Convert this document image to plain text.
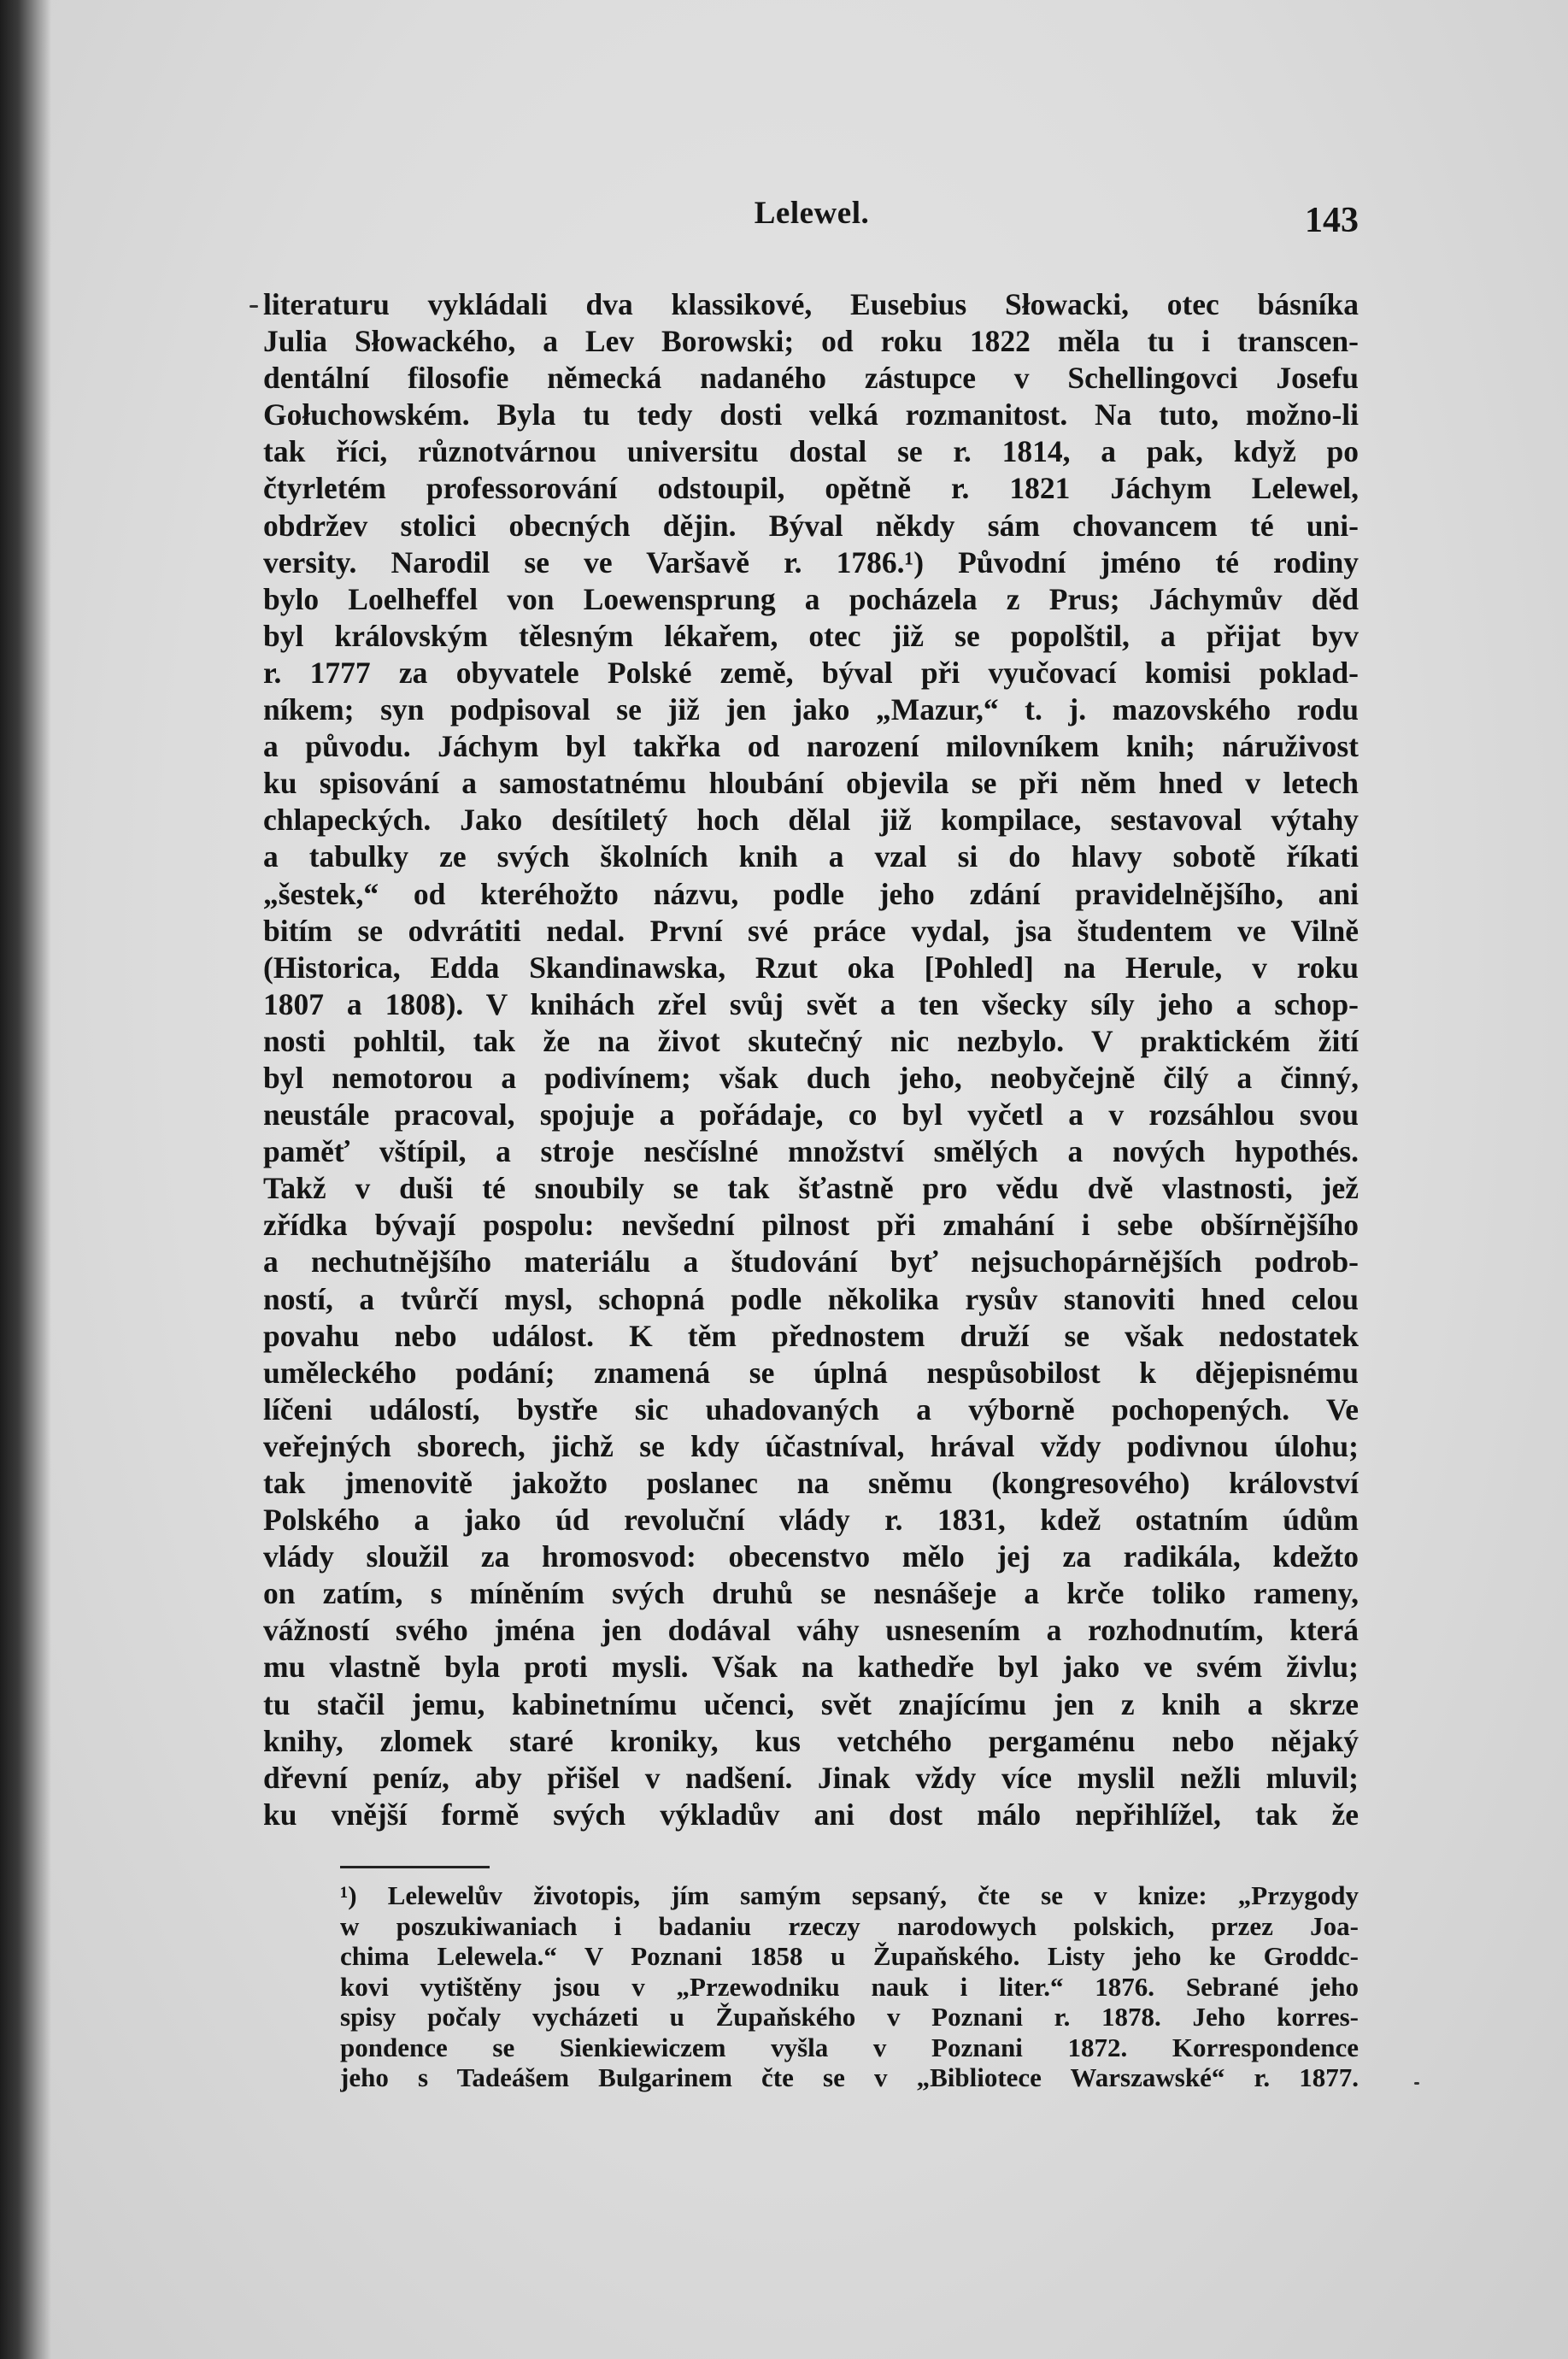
Lelewel.	143
literaturu vykládali dva klassikové, Eusebius Słowacki, otec básníka
Julia Słowackého, a Lev Borowski; od roku 1822 měla tu i transcen-
dentální filosofie německá nadaného zástupce v Schellingovci Josefu
Gołuchowském. Byla tu tedy dosti velká rozmanitost. Na tuto, možno-li
tak říci, různotvárnou universitu dostal se r. 1814, a pak, když po
čtyrletém professorování odstoupil, opětně r. 1821 Jáchym Lelewel,
obdržev stolici obecných dějin. Býval někdy sám chovancem té uni-
versity. Narodil se ve Varšavě r. 1786.¹) Původní jméno té rodiny
bylo Loelheffel von Loewensprung a pocházela z Prus; Jáchymův děd
byl královským tělesným lékařem, otec již se popolštil, a přijat byv
r. 1777 za obyvatele Polské země, býval při vyučovací komisi poklad-
níkem; syn podpisoval se již jen jako „Mazur,“ t. j. mazovského rodu
a původu. Jáchym byl takřka od narození milovníkem knih; náruživost
ku spisování a samostatnému hloubání objevila se při něm hned v letech
chlapeckých. Jako desítiletý hoch dělal již kompilace, sestavoval výtahy
a tabulky ze svých školních knih a vzal si do hlavy sobotě říkati
„šestek,“ od kteréhožto názvu, podle jeho zdání pravidelnějšího, ani
bitím se odvrátiti nedal. První své práce vydal, jsa študentem ve Vilně
(Historica, Edda Skandinawska, Rzut oka [Pohled] na Herule, v roku
1807 a 1808). V knihách zřel svůj svět a ten všecky síly jeho a schop-
nosti pohltil, tak že na život skutečný nic nezbylo. V praktickém žití
byl nemotorou a podivínem; však duch jeho, neobyčejně čilý a činný,
neustále pracoval, spojuje a pořádaje, co byl vyčetl a v rozsáhlou svou
paměť vštípil, a stroje nesčíslné množství smělých a nových hypothés.
Takž v duši té snoubily se tak šťastně pro vědu dvě vlastnosti, jež
zřídka bývají pospolu: nevšední pilnost při zmahání i sebe obšírnějšího
a nechutnějšího materiálu a študování byť nejsuchopárnějších podrob-
ností, a tvůrčí mysl, schopná podle několika rysův stanoviti hned celou
povahu nebo událost. K těm přednostem druží se však nedostatek
uměleckého podání; znamená se úplná nespůsobilost k dějepisnému
líčeni událostí, bystře sic uhadovaných a výborně pochopených. Ve
veřejných sborech, jichž se kdy účastníval, hrával vždy podivnou úlohu;
tak jmenovitě jakožto poslanec na sněmu (kongresového) království
Polského a jako úd revoluční vlády r. 1831, kdež ostatním údům
vlády sloužil za hromosvod: obecenstvo mělo jej za radikála, kdežto
on zatím, s míněním svých druhů se nesnášeje a krče toliko rameny,
vážností svého jména jen dodával váhy usnesením a rozhodnutím, která
mu vlastně byla proti mysli. Však na kathedře byl jako ve svém živlu;
tu stačil jemu, kabinetnímu učenci, svět znajícímu jen z knih a skrze
knihy, zlomek staré kroniky, kus vetchého pergaménu nebo nějaký
dřevní peníz, aby přišel v nadšení. Jinak vždy více myslil nežli mluvil;
ku vnější formě svých výkladův ani dost málo nepřihlížel, tak že
¹) Lelewelův životopis, jím samým sepsaný, čte se v knize: „Przygody
w poszukiwaniach i badaniu rzeczy narodowych polskich, przez Joa-
chima Lelewela.“ V Poznani 1858 u Župaňského. Listy jeho ke Groddc-
kovi vytištěny jsou v „Przewodniku nauk i liter.“ 1876. Sebrané jeho
spisy počaly vycházeti u Župaňského v Poznani r. 1878. Jeho korres-
pondence se Sienkiewiczem vyšla v Poznani 1872. Korrespondence
jeho s Tadeášem Bulgarinem čte se v „Bibliotece Warszawské“ r. 1877.
